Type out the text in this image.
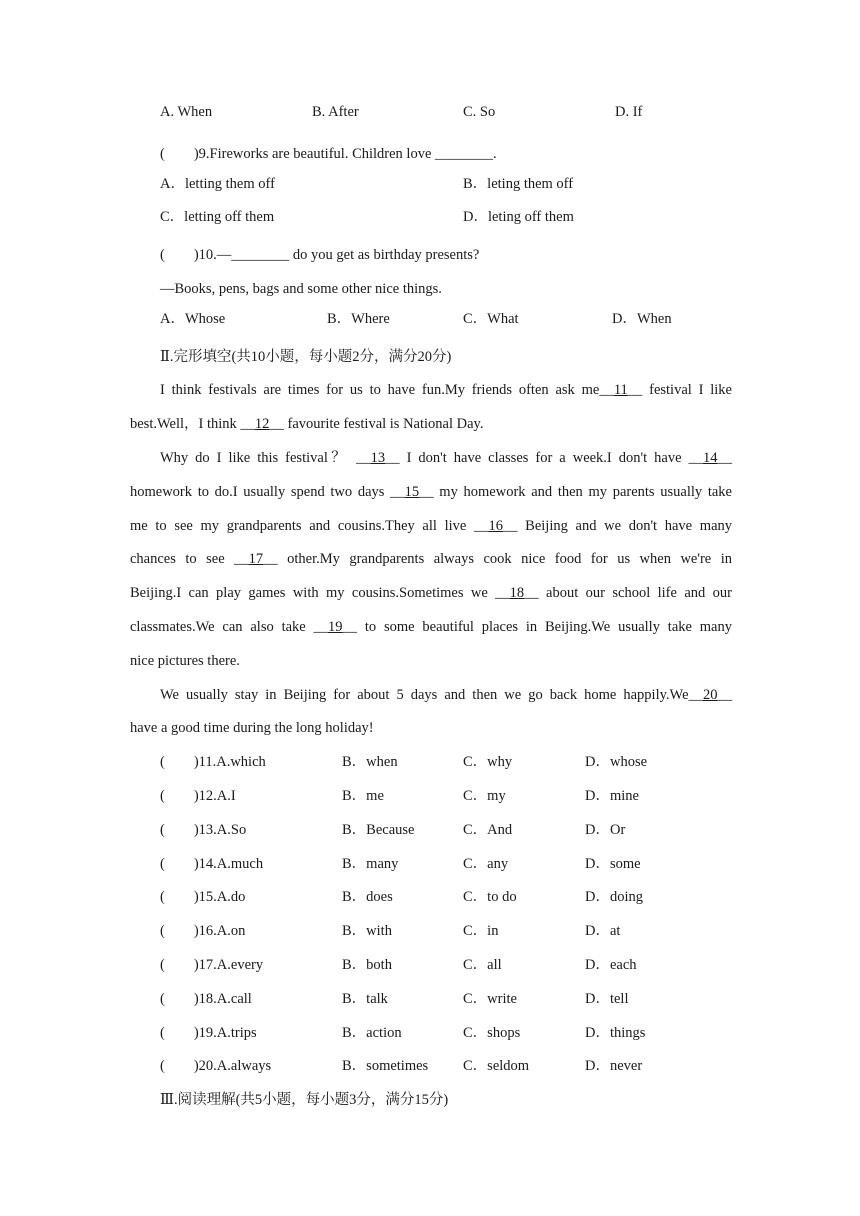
A. When	B. After	C. So	D. If
(　　)9.Fireworks are beautiful. Children love ________.
A．letting them off	B．leting them off
C．letting off them	D．leting off them
(　　)10.—________ do you get as birthday presents?
—Books, pens, bags and some other nice things.
A．Whose	B．Where	C．What	D．When
Ⅱ.完形填空(共10小题，每小题2分，满分20分)
I think festivals are times for us to have fun.My friends often ask me__11__ festival I like
best.Well，I think __12__ favourite festival is National Day.
Why do I like this festival？ __13__ I don't have classes for a week.I don't have __14__
homework to do.I usually spend two days __15__ my homework and then my parents usually take
me to see my grandparents and cousins.They all live __16__ Beijing and we don't have many
chances to see __17__ other.My grandparents always cook nice food for us when we're in
Beijing.I can play games with my cousins.Sometimes we __18__ about our school life and our
classmates.We can also take __19__ to some beautiful places in Beijing.We usually take many
nice pictures there.
We usually stay in Beijing for about 5 days and then we go back home happily.We__20__
have a good time during the long holiday!
(　　)11.A.which	B．when	C．why	D．whose
(　　)12.A.I	B．me	C．my	D．mine
(　　)13.A.So	B．Because	C．And	D．Or
(　　)14.A.much	B．many	C．any	D．some
(　　)15.A.do	B．does	C．to do	D．doing
(　　)16.A.on	B．with	C．in	D．at
(　　)17.A.every	B．both	C．all	D．each
(　　)18.A.call	B．talk	C．write	D．tell
(　　)19.A.trips	B．action	C．shops	D．things
(　　)20.A.always	B．sometimes C．seldom	D．never
Ⅲ.阅读理解(共5小题，每小题3分，满分15分)
